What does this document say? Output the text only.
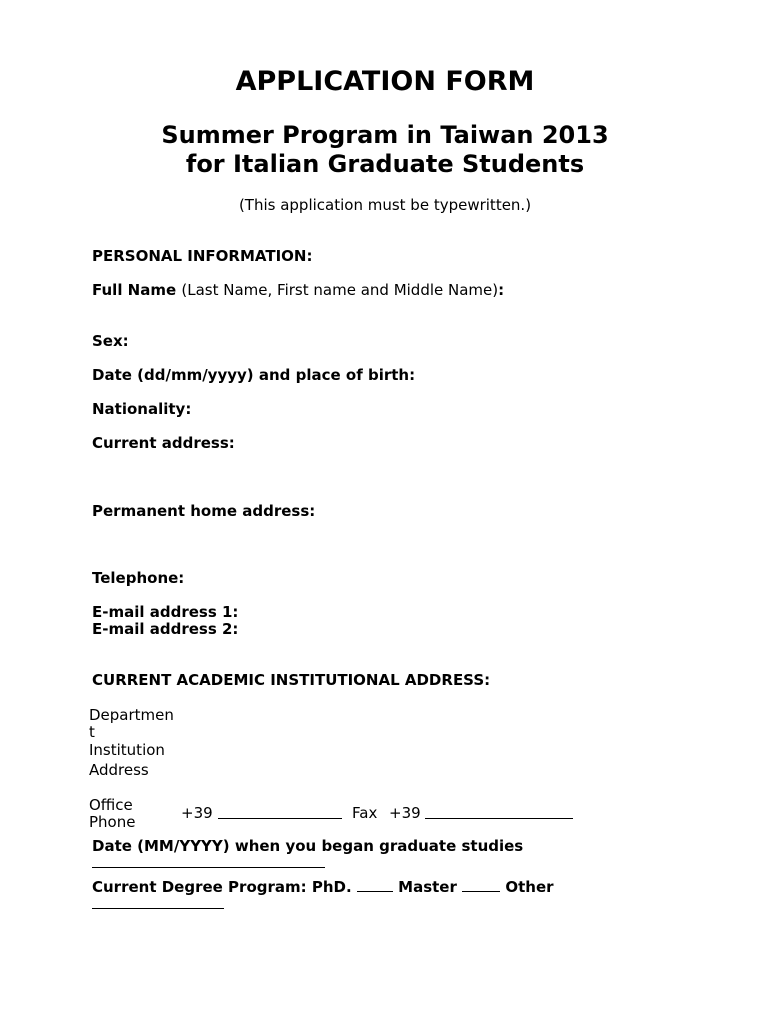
APPLICATION FORM
Summer Program in Taiwan 2013
for Italian Graduate Students
(This application must be typewritten.)
PERSONAL INFORMATION:
Full Name (Last Name, First name and Middle Name):
Sex:
Date (dd/mm/yyyy) and place of birth:
Nationality:
Current address:
Permanent home address:
Telephone:
E-mail address 1:
E-mail address 2:
CURRENT ACADEMIC INSTITUTIONAL ADDRESS:
Departmen
t
Institution
Address
Office
Phone	+39	Fax +39
Date (MM/YYYY) when you began graduate studies
Current Degree Program: PhD.	Master	Other
